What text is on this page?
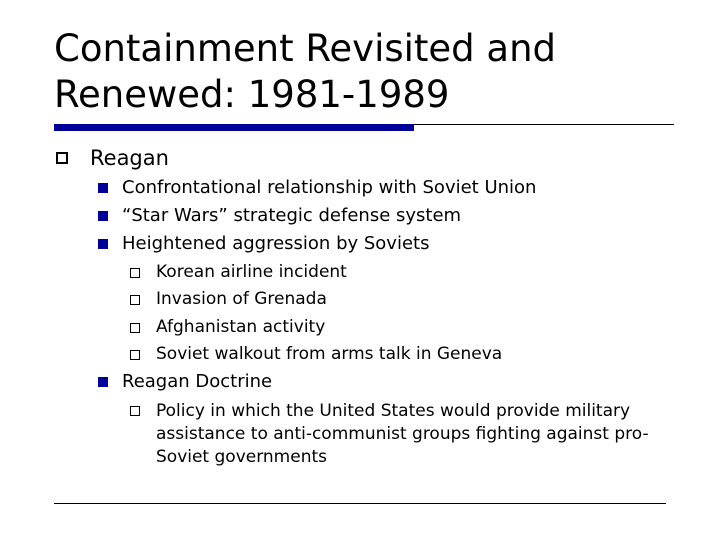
Containment Revisited and
Renewed: 1981-1989
Reagan
Confrontational relationship with Soviet Union
“Star Wars” strategic defense system
Heightened aggression by Soviets
Korean airline incident
Invasion of Grenada
Afghanistan activity
Soviet walkout from arms talk in Geneva
Reagan Doctrine
Policy in which the United States would provide military assistance to anti-communist groups fighting against pro-Soviet governments
